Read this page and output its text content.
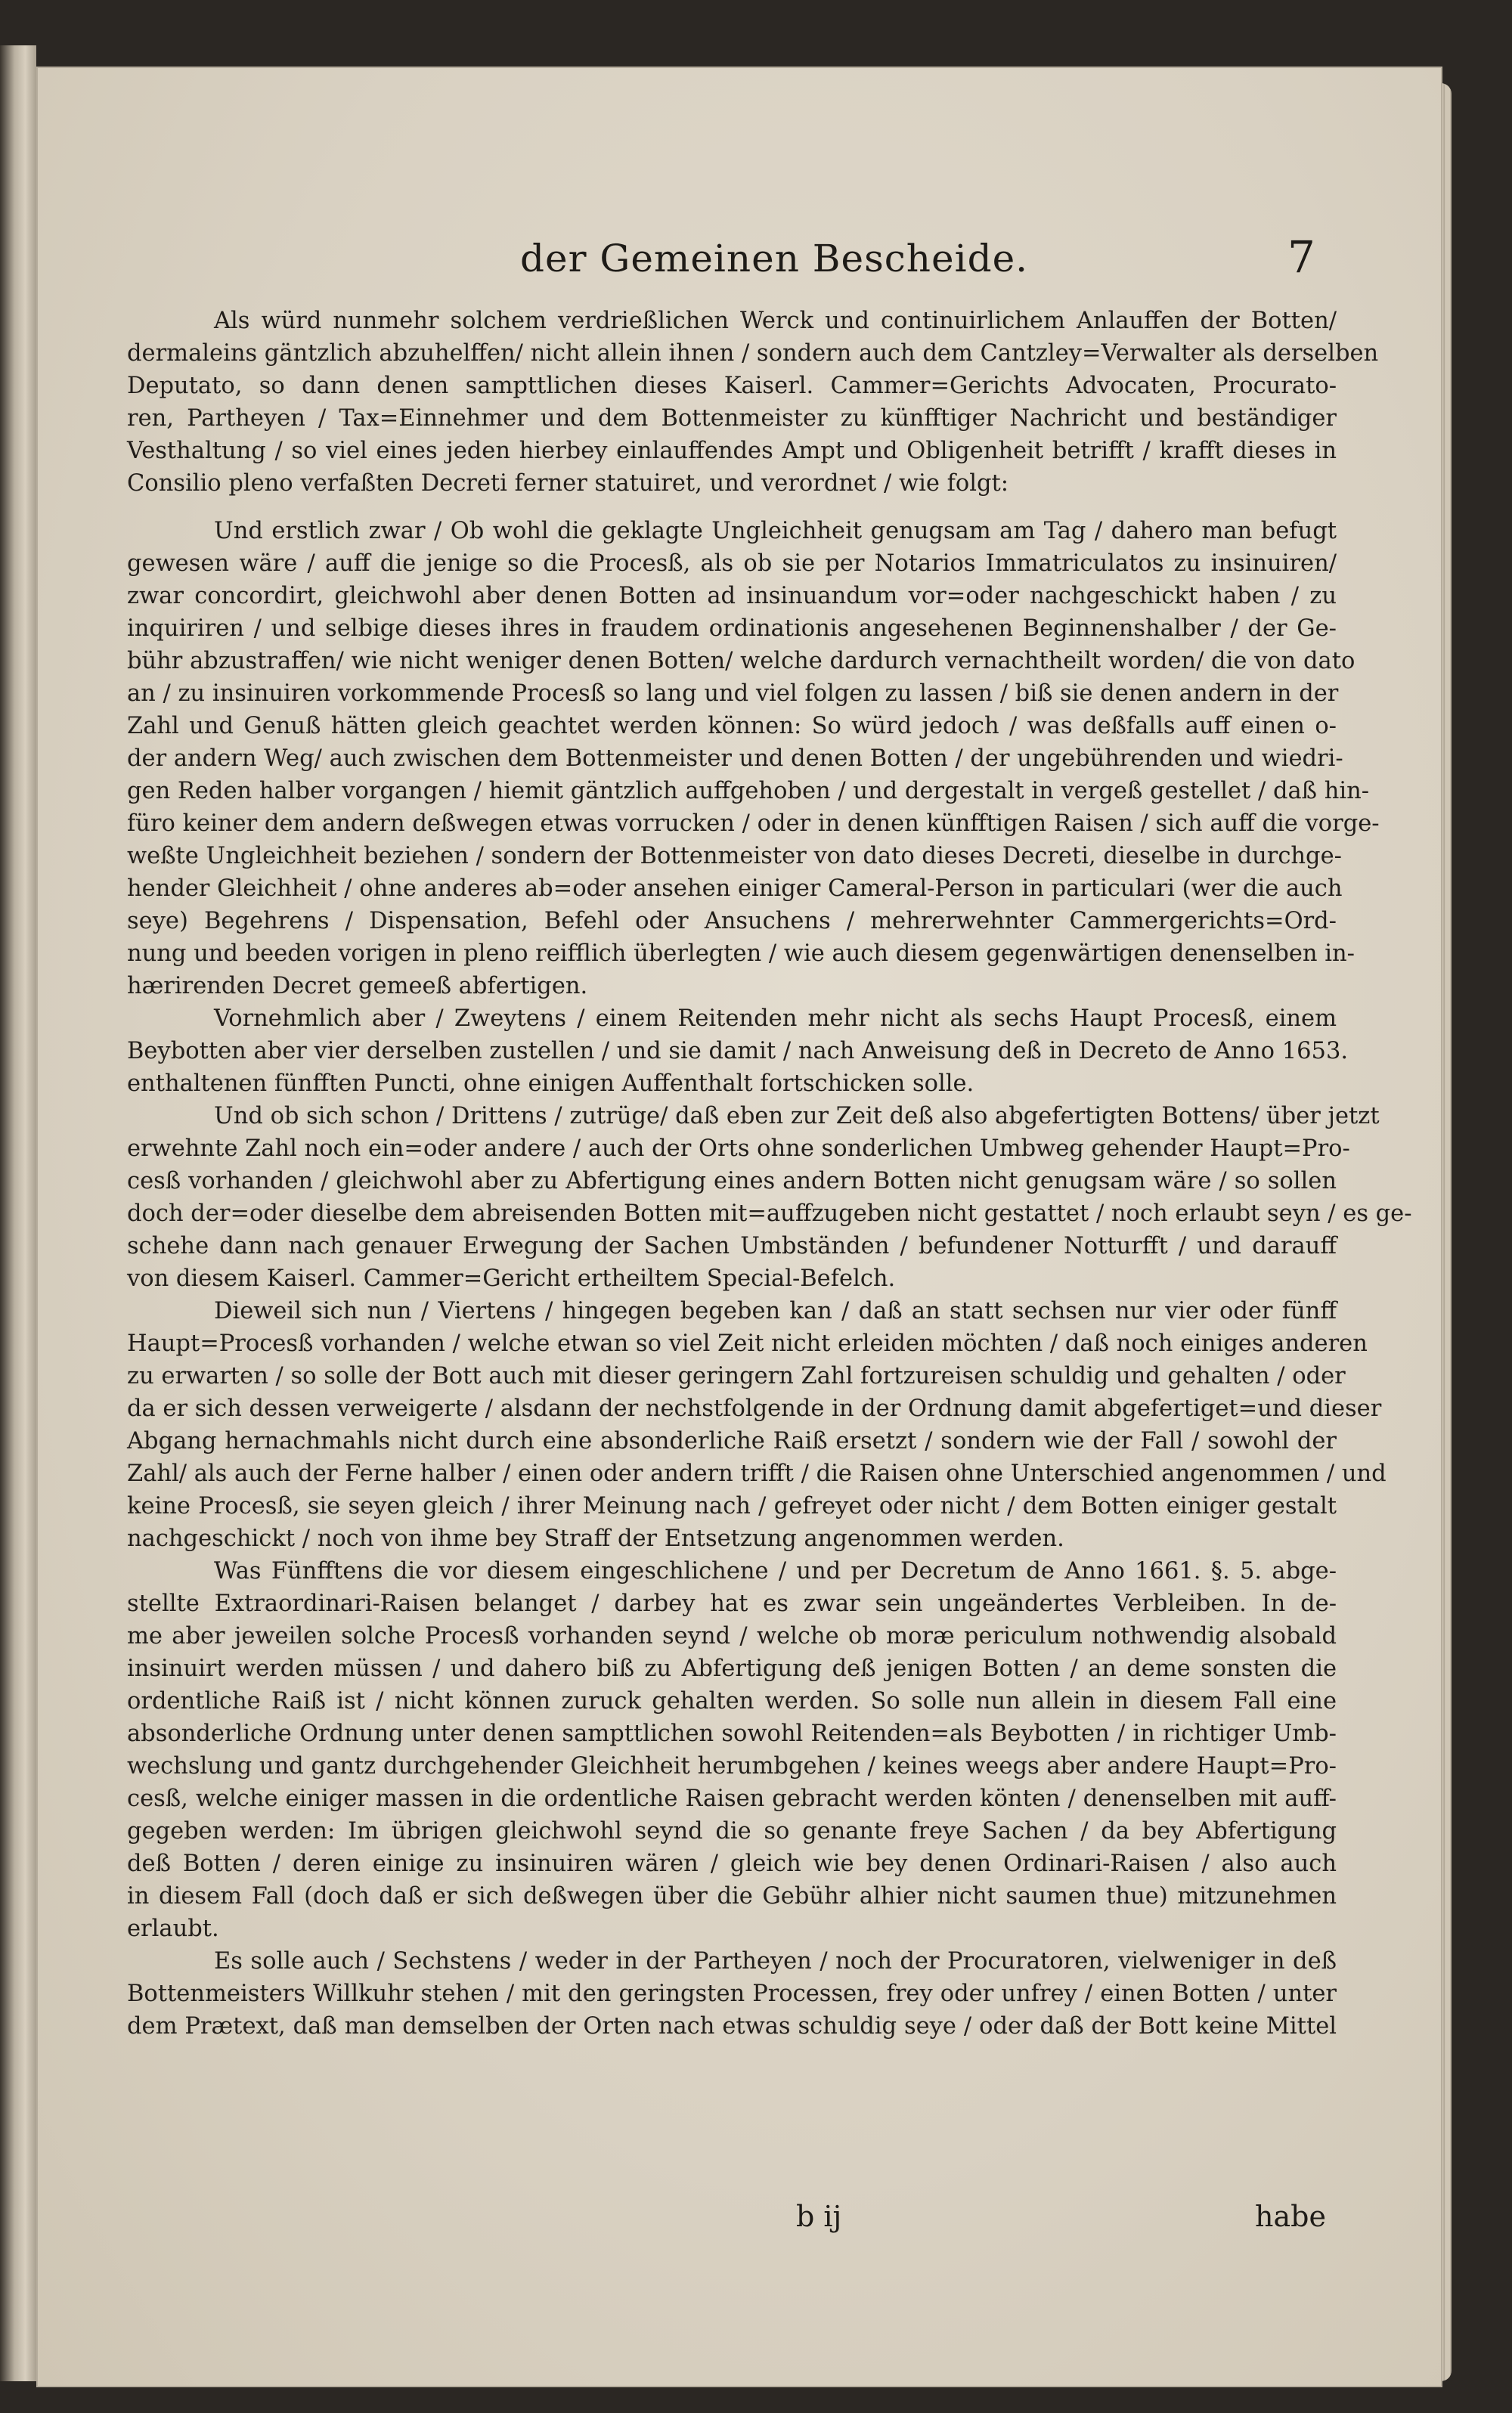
der Gemeinen Bescheide.	7
Als würd nunmehr solchem verdrießlichen Werck und continuirlichem Anlauffen der Botten/
dermaleins gäntzlich abzuhelffen/ nicht allein ihnen / sondern auch dem Cantzley=Verwalter als derselben
Deputato, so dann denen sampttlichen dieses Kaiserl. Cammer=Gerichts Advocaten, Procurato-
ren, Partheyen / Tax=Einnehmer und dem Bottenmeister zu künfftiger Nachricht und beständiger
Vesthaltung / so viel eines jeden hierbey einlauffendes Ampt und Obligenheit betrifft / krafft dieses in
Consilio pleno verfaßten Decreti ferner statuiret, und verordnet / wie folgt:
Und erstlich zwar / Ob wohl die geklagte Ungleichheit genugsam am Tag / dahero man befugt
gewesen wäre / auff die jenige so die Procesß, als ob sie per Notarios Immatriculatos zu insinuiren/
zwar concordirt, gleichwohl aber denen Botten ad insinuandum vor=oder nachgeschickt haben / zu
inquiriren / und selbige dieses ihres in fraudem ordinationis angesehenen Beginnenshalber / der Ge-
bühr abzustraffen/ wie nicht weniger denen Botten/ welche dardurch vernachtheilt worden/ die von dato
an / zu insinuiren vorkommende Procesß so lang und viel folgen zu lassen / biß sie denen andern in der
Zahl und Genuß hätten gleich geachtet werden können: So würd jedoch / was deßfalls auff einen o-
der andern Weg/ auch zwischen dem Bottenmeister und denen Botten / der ungebührenden und wiedri-
gen Reden halber vorgangen / hiemit gäntzlich auffgehoben / und dergestalt in vergeß gestellet / daß hin-
füro keiner dem andern deßwegen etwas vorrucken / oder in denen künfftigen Raisen / sich auff die vorge-
weßte Ungleichheit beziehen / sondern der Bottenmeister von dato dieses Decreti, dieselbe in durchge-
hender Gleichheit / ohne anderes ab=oder ansehen einiger Cameral-Person in particulari (wer die auch
seye) Begehrens / Dispensation, Befehl oder Ansuchens / mehrerwehnter Cammergerichts=Ord-
nung und beeden vorigen in pleno reifflich überlegten / wie auch diesem gegenwärtigen denenselben in-
hærirenden Decret gemeeß abfertigen.
Vornehmlich aber / Zweytens / einem Reitenden mehr nicht als sechs Haupt Procesß, einem
Beybotten aber vier derselben zustellen / und sie damit / nach Anweisung deß in Decreto de Anno 1653.
enthaltenen fünfften Puncti, ohne einigen Auffenthalt fortschicken solle.
Und ob sich schon / Drittens / zutrüge/ daß eben zur Zeit deß also abgefertigten Bottens/ über jetzt
erwehnte Zahl noch ein=oder andere / auch der Orts ohne sonderlichen Umbweg gehender Haupt=Pro-
cesß vorhanden / gleichwohl aber zu Abfertigung eines andern Botten nicht genugsam wäre / so sollen
doch der=oder dieselbe dem abreisenden Botten mit=auffzugeben nicht gestattet / noch erlaubt seyn / es ge-
schehe dann nach genauer Erwegung der Sachen Umbständen / befundener Notturfft / und darauff
von diesem Kaiserl. Cammer=Gericht ertheiltem Special-Befelch.
Dieweil sich nun / Viertens / hingegen begeben kan / daß an statt sechsen nur vier oder fünff
Haupt=Procesß vorhanden / welche etwan so viel Zeit nicht erleiden möchten / daß noch einiges anderen
zu erwarten / so solle der Bott auch mit dieser geringern Zahl fortzureisen schuldig und gehalten / oder
da er sich dessen verweigerte / alsdann der nechstfolgende in der Ordnung damit abgefertiget=und dieser
Abgang hernachmahls nicht durch eine absonderliche Raiß ersetzt / sondern wie der Fall / sowohl der
Zahl/ als auch der Ferne halber / einen oder andern trifft / die Raisen ohne Unterschied angenommen / und
keine Procesß, sie seyen gleich / ihrer Meinung nach / gefreyet oder nicht / dem Botten einiger gestalt
nachgeschickt / noch von ihme bey Straff der Entsetzung angenommen werden.
Was Fünfftens die vor diesem eingeschlichene / und per Decretum de Anno 1661. §. 5. abge-
stellte Extraordinari-Raisen belanget / darbey hat es zwar sein ungeändertes Verbleiben. In de-
me aber jeweilen solche Procesß vorhanden seynd / welche ob moræ periculum nothwendig alsobald
insinuirt werden müssen / und dahero biß zu Abfertigung deß jenigen Botten / an deme sonsten die
ordentliche Raiß ist / nicht können zuruck gehalten werden. So solle nun allein in diesem Fall eine
absonderliche Ordnung unter denen sampttlichen sowohl Reitenden=als Beybotten / in richtiger Umb-
wechslung und gantz durchgehender Gleichheit herumbgehen / keines weegs aber andere Haupt=Pro-
cesß, welche einiger massen in die ordentliche Raisen gebracht werden könten / denenselben mit auff-
gegeben werden: Im übrigen gleichwohl seynd die so genante freye Sachen / da bey Abfertigung
deß Botten / deren einige zu insinuiren wären / gleich wie bey denen Ordinari-Raisen / also auch
in diesem Fall (doch daß er sich deßwegen über die Gebühr alhier nicht saumen thue) mitzunehmen
erlaubt.
Es solle auch / Sechstens / weder in der Partheyen / noch der Procuratoren, vielweniger in deß
Bottenmeisters Willkuhr stehen / mit den geringsten Processen, frey oder unfrey / einen Botten / unter
dem Prætext, daß man demselben der Orten nach etwas schuldig seye / oder daß der Bott keine Mittel
b ij	habe
